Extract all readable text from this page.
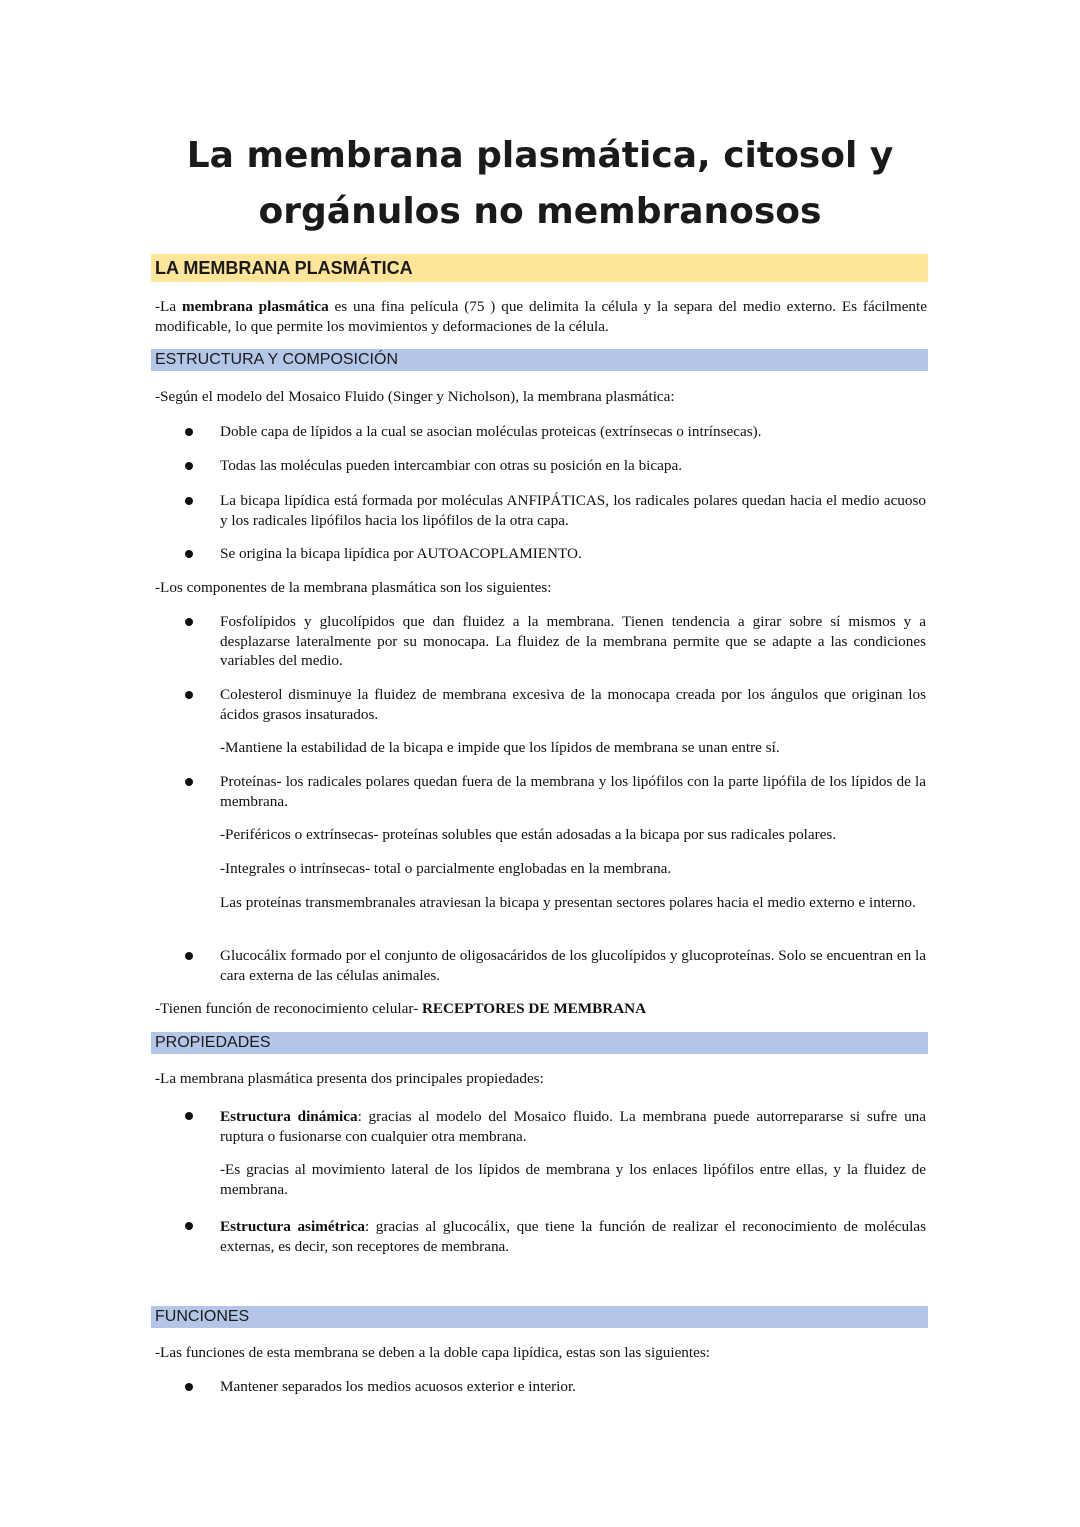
La membrana plasmática, citosol y
orgánulos no membranosos
LA MEMBRANA PLASMÁTICA
-La membrana plasmática es una fina película (75 ) que delimita la célula y la separa del medio externo. Es fácilmente modificable, lo que permite los movimientos y deformaciones de la célula.
ESTRUCTURA Y COMPOSICIÓN
-Según el modelo del Mosaico Fluido (Singer y Nicholson), la membrana plasmática:
Doble capa de lípidos a la cual se asocian moléculas proteicas (extrínsecas o intrínsecas).
Todas las moléculas pueden intercambiar con otras su posición en la bicapa.
La bicapa lipídica está formada por moléculas ANFIPÁTICAS, los radicales polares quedan hacia el medio acuoso y los radicales lipófilos hacia los lipófilos de la otra capa.
Se origina la bicapa lipídica por AUTOACOPLAMIENTO.
-Los componentes de la membrana plasmática son los siguientes:
Fosfolípidos y glucolípidos que dan fluidez a la membrana. Tienen tendencia a girar sobre sí mismos y a desplazarse lateralmente por su monocapa. La fluidez de la membrana permite que se adapte a las condiciones variables del medio.
Colesterol disminuye la fluidez de membrana excesiva de la monocapa creada por los ángulos que originan los ácidos grasos insaturados.
-Mantiene la estabilidad de la bicapa e impide que los lípidos de membrana se unan entre sí.
Proteínas- los radicales polares quedan fuera de la membrana y los lipófilos con la parte lipófila de los lípidos de la membrana.
-Periféricos o extrínsecas- proteínas solubles que están adosadas a la bicapa por sus radicales polares.
-Integrales o intrínsecas- total o parcialmente englobadas en la membrana.
Las proteínas transmembranales atraviesan la bicapa y presentan sectores polares hacia el medio externo e interno.
Glucocálix formado por el conjunto de oligosacáridos de los glucolípidos y glucoproteínas. Solo se encuentran en la cara externa de las células animales.
-Tienen función de reconocimiento celular- RECEPTORES DE MEMBRANA
PROPIEDADES
-La membrana plasmática presenta dos principales propiedades:
Estructura dinámica: gracias al modelo del Mosaico fluido. La membrana puede autorrepararse si sufre una ruptura o fusionarse con cualquier otra membrana.
-Es gracias al movimiento lateral de los lípidos de membrana y los enlaces lipófilos entre ellas, y la fluidez de membrana.
Estructura asimétrica: gracias al glucocálix, que tiene la función de realizar el reconocimiento de moléculas externas, es decir, son receptores de membrana.
FUNCIONES
-Las funciones de esta membrana se deben a la doble capa lipídica, estas son las siguientes:
Mantener separados los medios acuosos exterior e interior.
